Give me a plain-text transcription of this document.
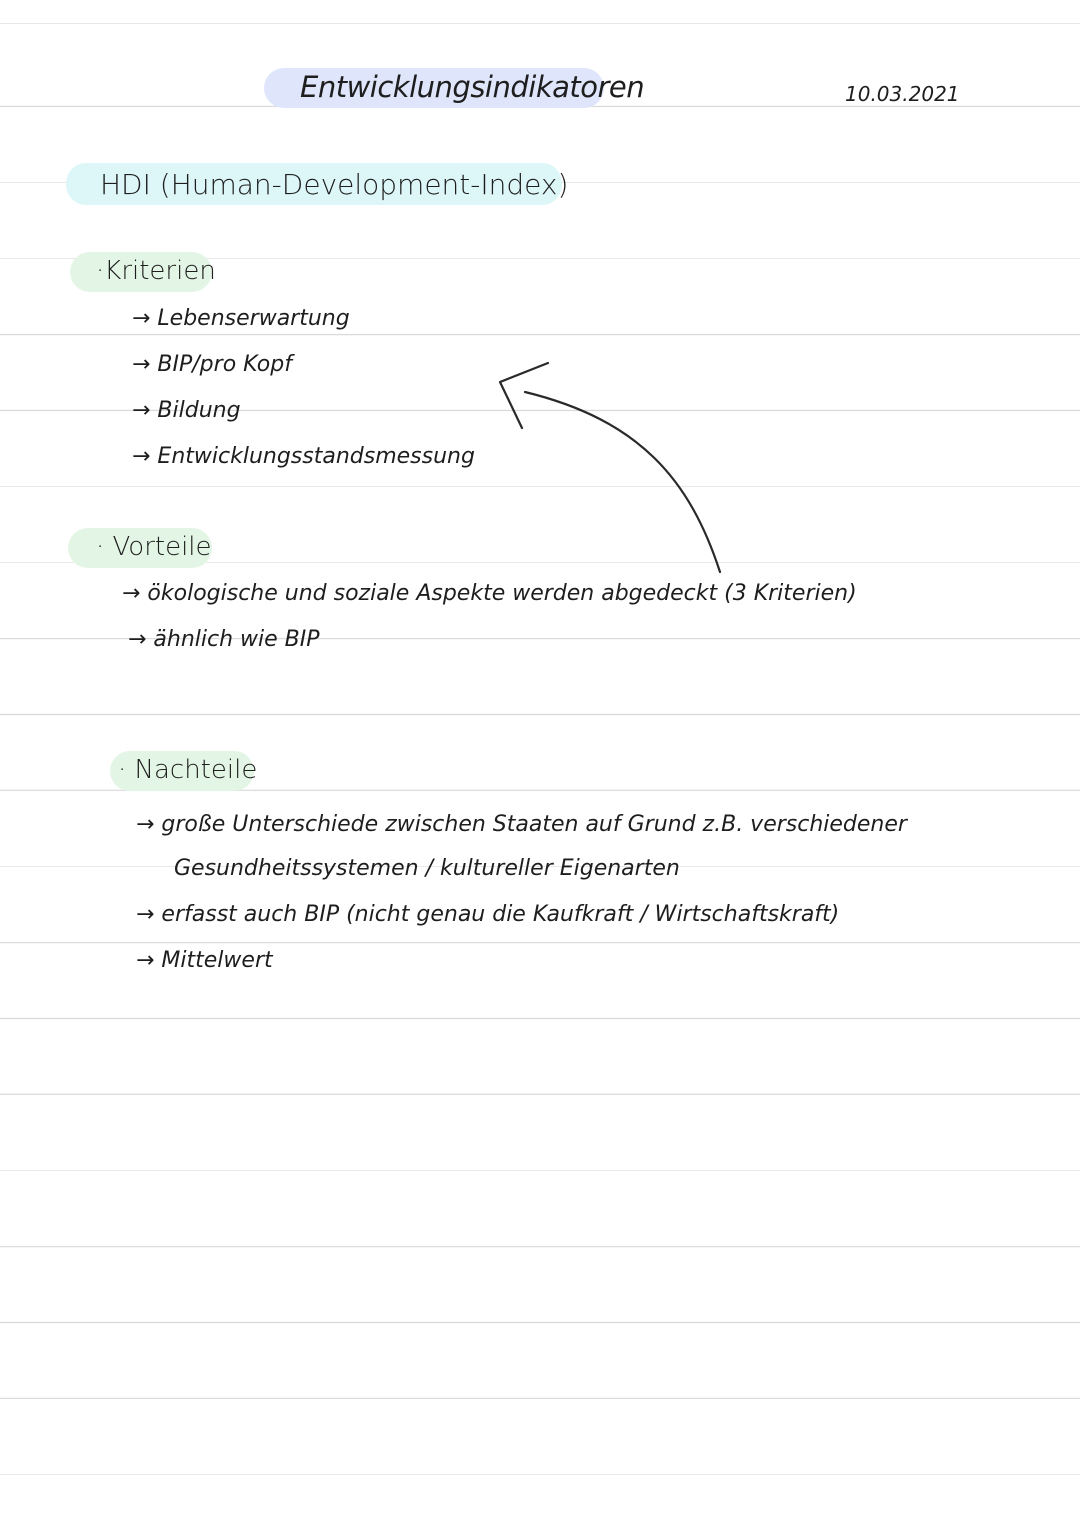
Entwicklungsindikatoren	10.03.2021
HDI (Human-Development-Index)
·Kriterien
→ Lebenserwartung
→ BIP/pro Kopf
→ Bildung
→ Entwicklungsstandsmessung
· Vorteile
→ ökologische und soziale Aspekte werden abgedeckt (3 Kriterien)
→ ähnlich wie BIP
· Nachteile
→ große Unterschiede zwischen Staaten auf Grund z.B. verschiedener
Gesundheitssystemen / kultureller Eigenarten
→ erfasst auch BIP (nicht genau die Kaufkraft / Wirtschaftskraft)
→ Mittelwert
